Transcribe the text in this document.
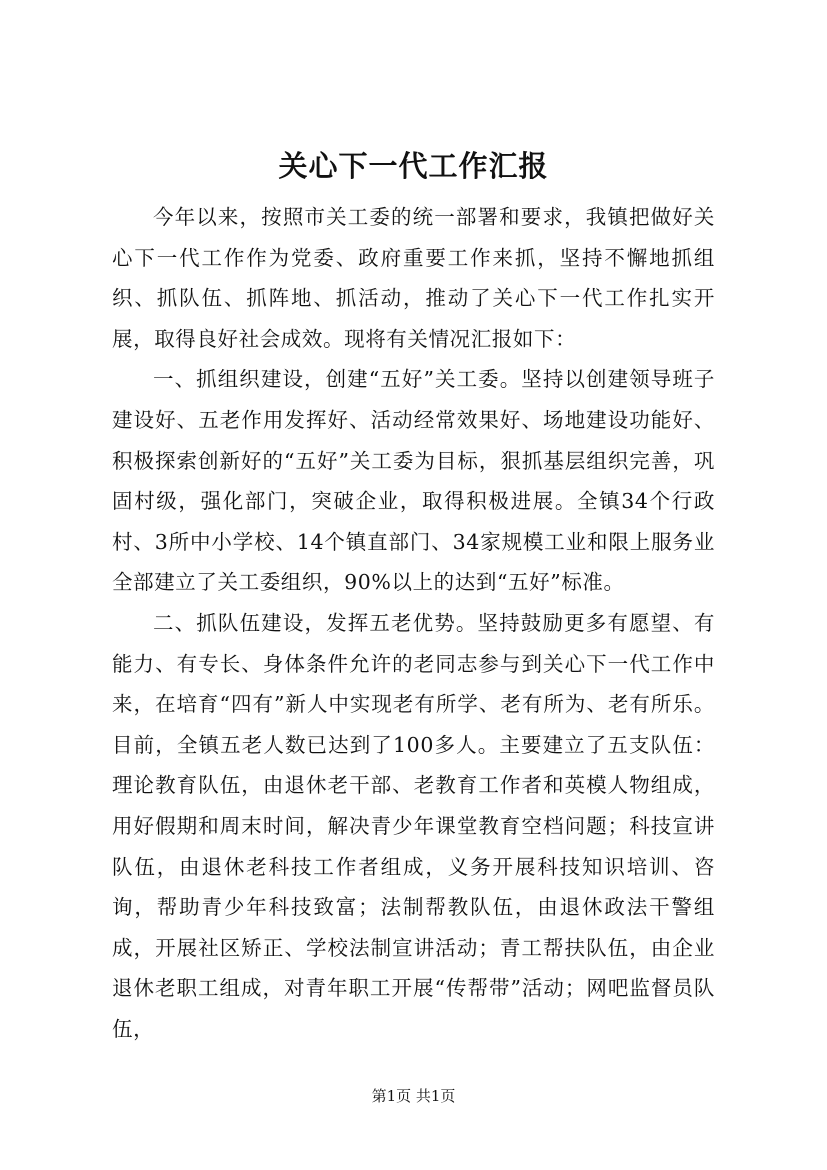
关心下一代工作汇报

今年以来，按照市关工委的统一部署和要求，我镇把做好关心下一代工作作为党委、政府重要工作来抓，坚持不懈地抓组织、抓队伍、抓阵地、抓活动，推动了关心下一代工作扎实开展，取得良好社会成效。现将有关情况汇报如下：

一、抓组织建设，创建“五好”关工委。坚持以创建领导班子建设好、五老作用发挥好、活动经常效果好、场地建设功能好、积极探索创新好的“五好”关工委为目标，狠抓基层组织完善，巩固村级，强化部门，突破企业，取得积极进展。全镇34个行政村、3所中小学校、14个镇直部门、34家规模工业和限上服务业全部建立了关工委组织，90%以上的达到“五好”标准。

二、抓队伍建设，发挥五老优势。坚持鼓励更多有愿望、有能力、有专长、身体条件允许的老同志参与到关心下一代工作中来，在培育“四有”新人中实现老有所学、老有所为、老有所乐。目前，全镇五老人数已达到了100多人。主要建立了五支队伍：理论教育队伍，由退休老干部、老教育工作者和英模人物组成，用好假期和周末时间，解决青少年课堂教育空档问题；科技宣讲队伍，由退休老科技工作者组成，义务开展科技知识培训、咨询，帮助青少年科技致富；法制帮教队伍，由退休政法干警组成，开展社区矫正、学校法制宣讲活动；青工帮扶队伍，由企业退休老职工组成，对青年职工开展“传帮带”活动；网吧监督员队伍，

第1页 共1页
